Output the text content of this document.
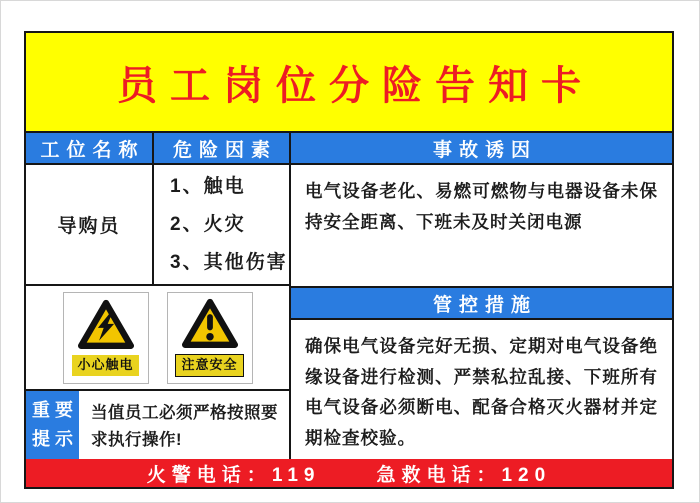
员工岗位分险告知卡
工位名称	危险因素
导购员
1、触电
2、火灾
3、其他伤害
小心触电	注意安全
重要
提示
当值员工必须严格按照要求执行操作!
事故诱因
电气设备老化、易燃可燃物与电器设备未保持安全距离、下班未及时关闭电源
管控措施
确保电气设备完好无损、定期对电气设备绝缘设备进行检测、严禁私拉乱接、下班所有电气设备必须断电、配备合格灭火器材并定期检查校验。
火警电话：119	急救电话：120
